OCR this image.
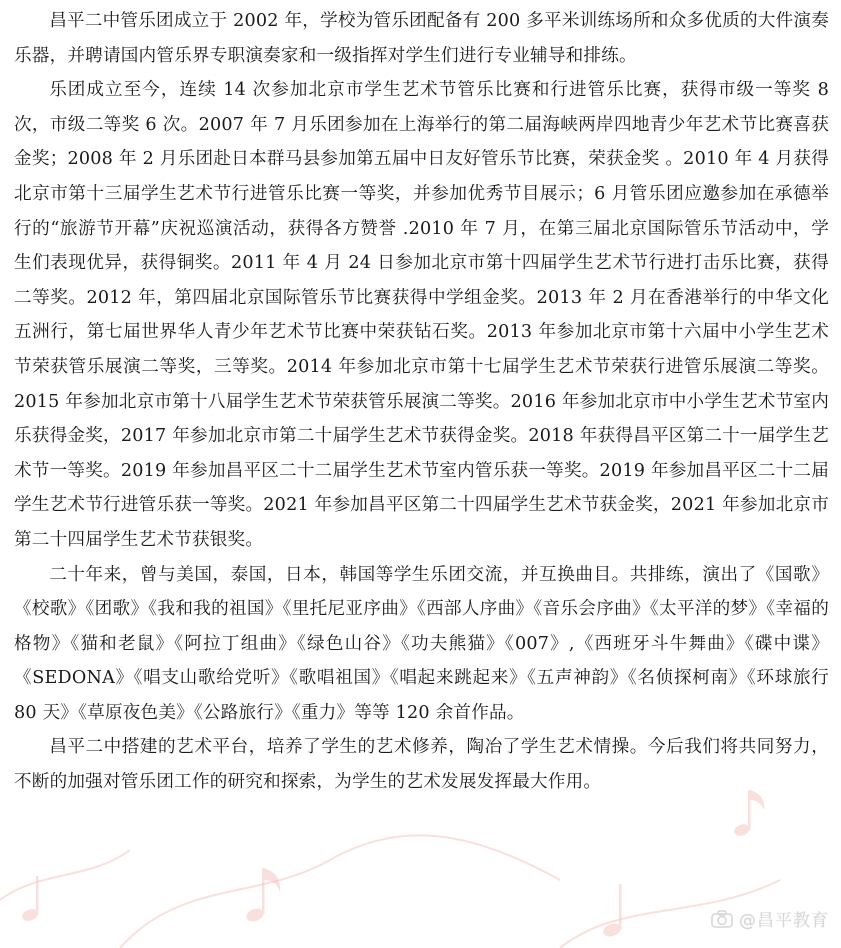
昌平二中管乐团成立于 2002 年，学校为管乐团配备有 200 多平米训练场所和众多优质的大件演奏乐器，并聘请国内管乐界专职演奏家和一级指挥对学生们进行专业辅导和排练。

乐团成立至今，连续 14 次参加北京市学生艺术节管乐比赛和行进管乐比赛，获得市级一等奖 8 次，市级二等奖 6 次。2007 年 7 月乐团参加在上海举行的第二届海峡两岸四地青少年艺术节比赛喜获金奖；2008 年 2 月乐团赴日本群马县参加第五届中日友好管乐节比赛，荣获金奖 。2010 年 4 月获得北京市第十三届学生艺术节行进管乐比赛一等奖，并参加优秀节目展示；6 月管乐团应邀参加在承德举行的“旅游节开幕”庆祝巡演活动，获得各方赞誉 .2010 年 7 月，在第三届北京国际管乐节活动中，学生们表现优异，获得铜奖。2011 年 4 月 24 日参加北京市第十四届学生艺术节行进打击乐比赛，获得二等奖。2012 年，第四届北京国际管乐节比赛获得中学组金奖。2013 年 2 月在香港举行的中华文化五洲行，第七届世界华人青少年艺术节比赛中荣获钻石奖。2013 年参加北京市第十六届中小学生艺术节荣获管乐展演二等奖，三等奖。2014 年参加北京市第十七届学生艺术节荣获行进管乐展演二等奖。2015 年参加北京市第十八届学生艺术节荣获管乐展演二等奖。2016 年参加北京市中小学生艺术节室内乐获得金奖，2017 年参加北京市第二十届学生艺术节获得金奖。2018 年获得昌平区第二十一届学生艺术节一等奖。2019 年参加昌平区二十二届学生艺术节室内管乐获一等奖。2019 年参加昌平区二十二届学生艺术节行进管乐获一等奖。2021 年参加昌平区第二十四届学生艺术节获金奖，2021 年参加北京市第二十四届学生艺术节获银奖。

二十年来，曾与美国，泰国，日本，韩国等学生乐团交流，并互换曲目。共排练，演出了《国歌》《校歌》《团歌》《我和我的祖国》《里托尼亚序曲》《西部人序曲》《音乐会序曲》《太平洋的梦》《幸福的格物》《猫和老鼠》《阿拉丁组曲》《绿色山谷》《功夫熊猫》《007》,《西班牙斗牛舞曲》《碟中谍》《SEDONA》《唱支山歌给党听》《歌唱祖国》《唱起来跳起来》《五声神韵》《名侦探柯南》《环球旅行 80 天》《草原夜色美》《公路旅行》《重力》等等 120 余首作品。

昌平二中搭建的艺术平台，培养了学生的艺术修养，陶冶了学生艺术情操。今后我们将共同努力，不断的加强对管乐团工作的研究和探索，为学生的艺术发展发挥最大作用。

@昌平教育
